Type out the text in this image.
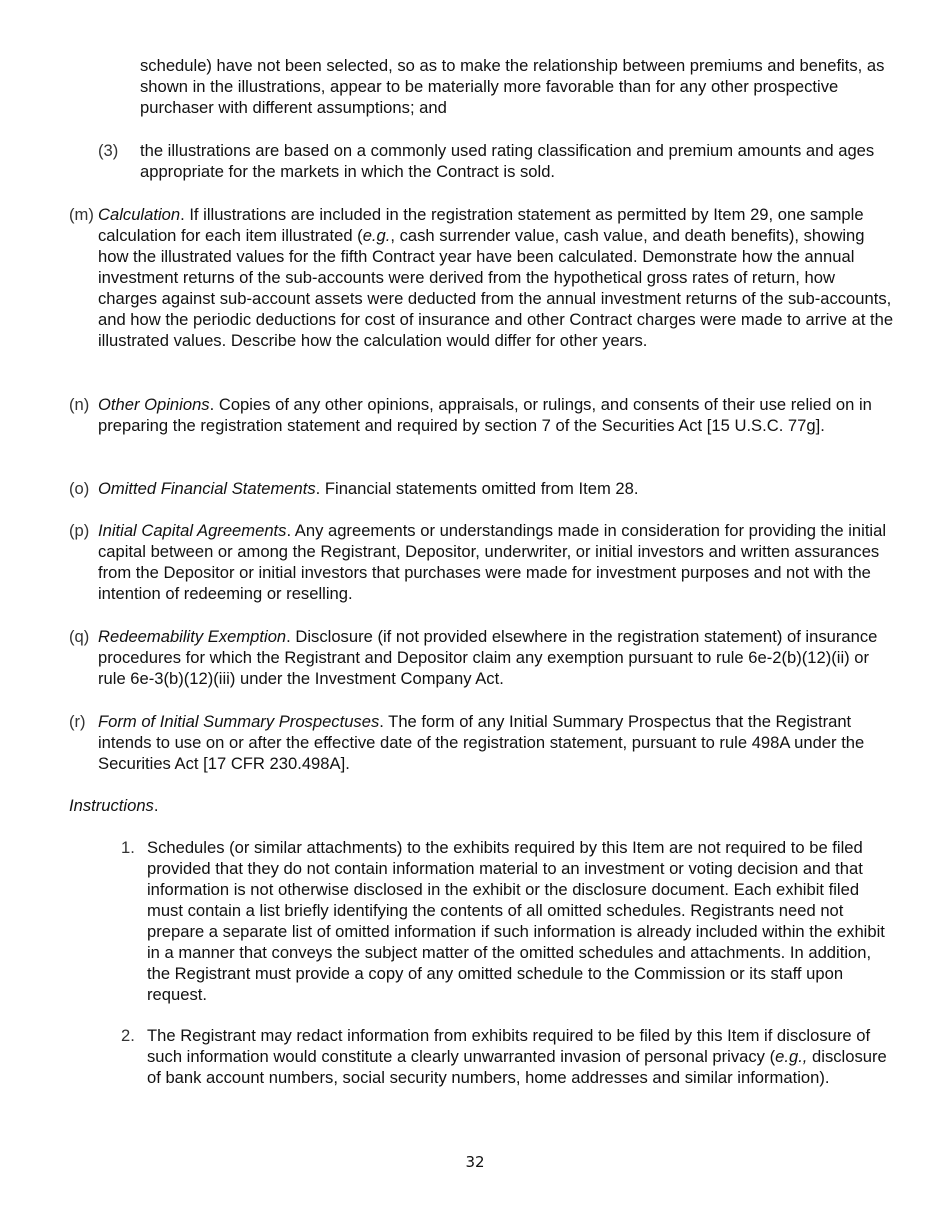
schedule) have not been selected, so as to make the relationship between premiums and benefits, as shown in the illustrations, appear to be materially more favorable than for any other prospective purchaser with different assumptions; and

(3) the illustrations are based on a commonly used rating classification and premium amounts and ages appropriate for the markets in which the Contract is sold.

(m) Calculation. If illustrations are included in the registration statement as permitted by Item 29, one sample calculation for each item illustrated (e.g., cash surrender value, cash value, and death benefits), showing how the illustrated values for the fifth Contract year have been calculated. Demonstrate how the annual investment returns of the sub-accounts were derived from the hypothetical gross rates of return, how charges against sub-account assets were deducted from the annual investment returns of the sub-accounts, and how the periodic deductions for cost of insurance and other Contract charges were made to arrive at the illustrated values. Describe how the calculation would differ for other years.

(n) Other Opinions. Copies of any other opinions, appraisals, or rulings, and consents of their use relied on in preparing the registration statement and required by section 7 of the Securities Act [15 U.S.C. 77g].

(o) Omitted Financial Statements. Financial statements omitted from Item 28.

(p) Initial Capital Agreements. Any agreements or understandings made in consideration for providing the initial capital between or among the Registrant, Depositor, underwriter, or initial investors and written assurances from the Depositor or initial investors that purchases were made for investment purposes and not with the intention of redeeming or reselling.

(q) Redeemability Exemption. Disclosure (if not provided elsewhere in the registration statement) of insurance procedures for which the Registrant and Depositor claim any exemption pursuant to rule 6e-2(b)(12)(ii) or rule 6e-3(b)(12)(iii) under the Investment Company Act.

(r) Form of Initial Summary Prospectuses. The form of any Initial Summary Prospectus that the Registrant intends to use on or after the effective date of the registration statement, pursuant to rule 498A under the Securities Act [17 CFR 230.498A].

Instructions.

1. Schedules (or similar attachments) to the exhibits required by this Item are not required to be filed provided that they do not contain information material to an investment or voting decision and that information is not otherwise disclosed in the exhibit or the disclosure document. Each exhibit filed must contain a list briefly identifying the contents of all omitted schedules. Registrants need not prepare a separate list of omitted information if such information is already included within the exhibit in a manner that conveys the subject matter of the omitted schedules and attachments. In addition, the Registrant must provide a copy of any omitted schedule to the Commission or its staff upon request.

2. The Registrant may redact information from exhibits required to be filed by this Item if disclosure of such information would constitute a clearly unwarranted invasion of personal privacy (e.g., disclosure of bank account numbers, social security numbers, home addresses and similar information).

32
